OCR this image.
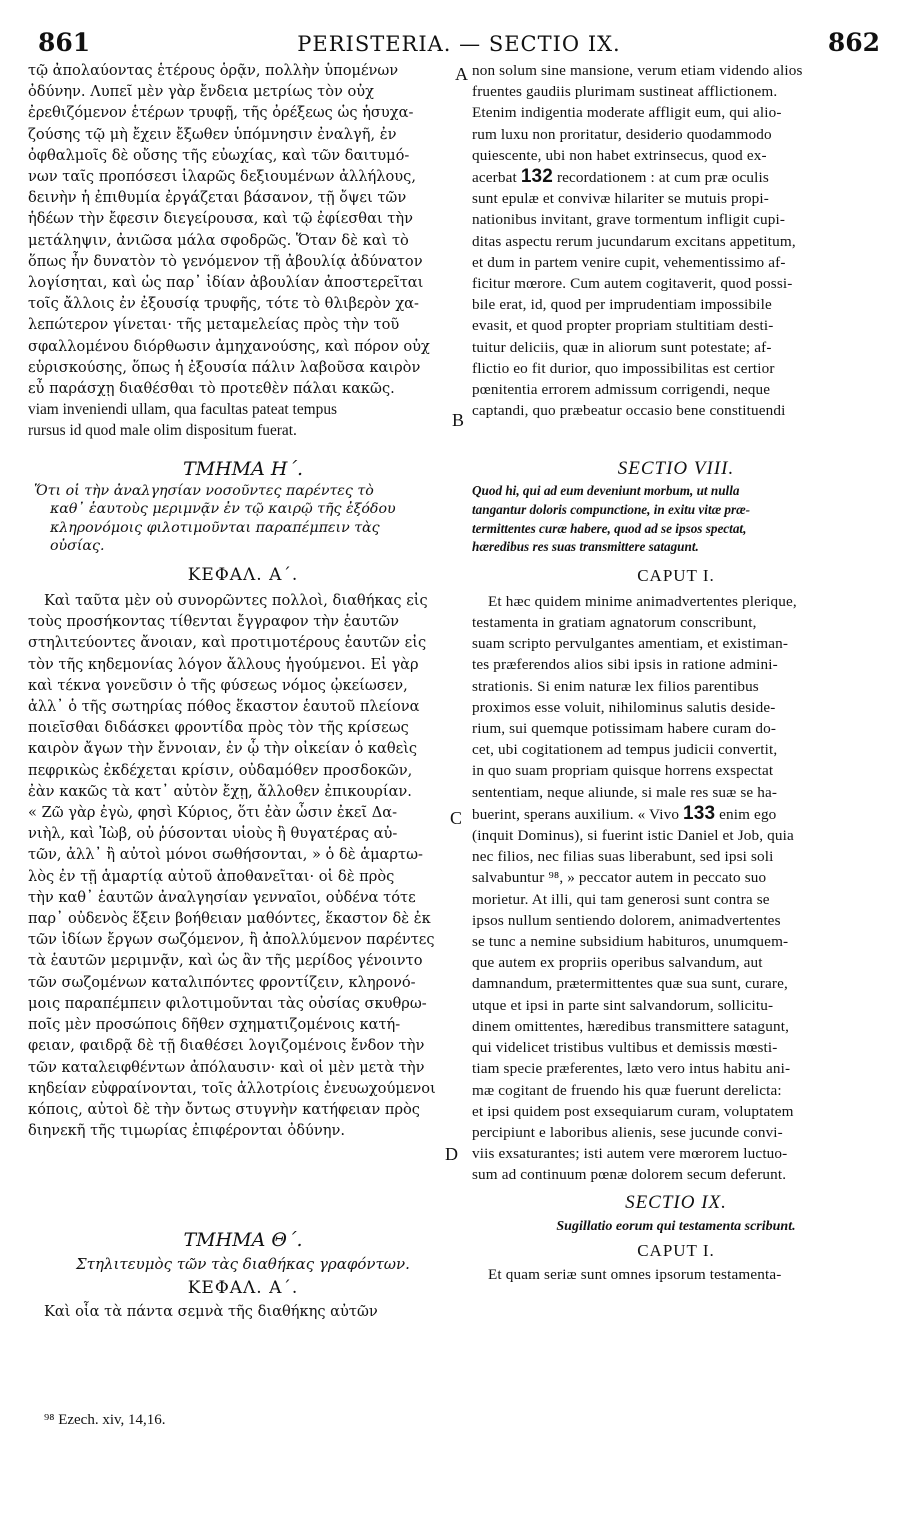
861	PERISTERIA. — SECTIO IX.	862
A
B
C
D

τῷ ἀπολαύοντας ἑτέρους ὁρᾷν, πολλὴν ὑπομένων

ὀδύνην. Λυπεῖ μὲν γὰρ ἔνδεια μετρίως τὸν οὐχ

ἐρεθιζόμενον ἑτέρων τρυφῇ, τῆς ὀρέξεως ὡς ἡσυχα-

ζούσης τῷ μὴ ἔχειν ἔξωθεν ὑπόμνησιν ἐναλγῆ, ἐν

ὀφθαλμοῖς δὲ οὔσης τῆς εὐωχίας, καὶ τῶν δαιτυμό-

νων ταῖς προπόσεσι ἱλαρῶς δεξιουμένων ἀλλήλους,

δεινὴν ἡ ἐπιθυμία ἐργάζεται βάσανον, τῇ ὄψει τῶν

ἡδέων τὴν ἔφεσιν διεγείρουσα, καὶ τῷ ἐφίεσθαι τὴν

μετάληψιν, ἀνιῶσα μάλα σφοδρῶς. Ὅταν δὲ καὶ τὸ

ὅπως ἦν δυνατὸν τὸ γενόμενον τῇ ἀβουλίᾳ ἀδύνατον

λογίσηται, καὶ ὡς παρ᾽ ἰδίαν ἀβουλίαν ἀποστερεῖται

τοῖς ἄλλοις ἐν ἐξουσίᾳ τρυφῆς, τότε τὸ θλιβερὸν χα-

λεπώτερον γίνεται· τῆς μεταμελείας πρὸς τὴν τοῦ

σφαλλομένου διόρθωσιν ἀμηχανούσης, καὶ πόρον οὐχ

εὑρισκούσης, ὅπως ἡ ἐξουσία πάλιν λαβοῦσα καιρὸν

εὖ παράσχῃ διαθέσθαι τὸ προτεθὲν πάλαι κακῶς.

viam inveniendi ullam, qua facultas pateat tempus

rursus id quod male olim dispositum fuerat.

ΤΜΗΜΑ Η´.

Ὅτι οἱ τὴν ἀναλγησίαν νοσοῦντες παρέντες τὸ

καθ᾽ ἑαυτοὺς μεριμνᾷν ἐν τῷ καιρῷ τῆς ἐξόδου

κληρονόμοις φιλοτιμοῦνται παραπέμπειν τὰς

οὐσίας.

ΚΕΦΑΛ. Α´.

Καὶ ταῦτα μὲν οὐ συνορῶντες πολλοὶ, διαθήκας εἰς

τοὺς προσήκοντας τίθενται ἔγγραφον τὴν ἑαυτῶν

στηλιτεύοντες ἄνοιαν, καὶ προτιμοτέρους ἑαυτῶν εἰς

τὸν τῆς κηδεμονίας λόγον ἄλλους ἡγούμενοι. Εἰ γὰρ

καὶ τέκνα γονεῦσιν ὁ τῆς φύσεως νόμος ᾠκείωσεν,

ἀλλ᾽ ὁ τῆς σωτηρίας πόθος ἕκαστον ἑαυτοῦ πλείονα

ποιεῖσθαι διδάσκει φροντίδα πρὸς τὸν τῆς κρίσεως

καιρὸν ἄγων τὴν ἔννοιαν, ἐν ᾧ τὴν οἰκείαν ὁ καθεὶς

πεφρικὼς ἐκδέχεται κρίσιν, οὐδαμόθεν προσδοκῶν,

ἐὰν κακῶς τὰ κατ᾽ αὐτὸν ἔχῃ, ἄλλοθεν ἐπικουρίαν.

« Ζῶ γὰρ ἐγὼ, φησὶ Κύριος, ὅτι ἐὰν ὦσιν ἐκεῖ Δα-

νιὴλ, καὶ Ἰὼβ, οὐ ῥύσονται υἱοὺς ἢ θυγατέρας αὐ-

τῶν, ἀλλ᾽ ἢ αὐτοὶ μόνοι σωθήσονται, » ὁ δὲ ἁμαρτω-

λὸς ἐν τῇ ἁμαρτίᾳ αὐτοῦ ἀποθανεῖται· οἱ δὲ πρὸς

τὴν καθ᾽ ἑαυτῶν ἀναλγησίαν γενναῖοι, οὐδένα τότε

παρ᾽ οὐδενὸς ἕξειν βοήθειαν μαθόντες, ἕκαστον δὲ ἐκ

τῶν ἰδίων ἔργων σωζόμενον, ἢ ἀπολλύμενον παρέντες

τὰ ἑαυτῶν μεριμνᾷν, καὶ ὡς ἂν τῆς μερίδος γένοιντο

τῶν σωζομένων καταλιπόντες φροντίζειν, κληρονό-

μοις παραπέμπειν φιλοτιμοῦνται τὰς οὐσίας σκυθρω-

ποῖς μὲν προσώποις δῆθεν σχηματιζομένοις κατή-

φειαν, φαιδρᾷ δὲ τῇ διαθέσει λογιζομένοις ἔνδον τὴν

τῶν καταλειφθέντων ἀπόλαυσιν· καὶ οἱ μὲν μετὰ τὴν

κηδείαν εὐφραίνονται, τοῖς ἀλλοτρίοις ἐνευωχούμενοι

κόποις, αὐτοὶ δὲ τὴν ὄντως στυγνὴν κατήφειαν πρὸς

διηνεκῆ τῆς τιμωρίας ἐπιφέρονται ὀδύνην.

ΤΜΗΜΑ Θ´.

Στηλιτευμὸς τῶν τὰς διαθήκας γραφόντων.

ΚΕΦΑΛ. Α´.

Καὶ οἷα τὰ πάντα σεμνὰ τῆς διαθήκης αὐτῶν

non solum sine mansione, verum etiam videndo alios

fruentes gaudiis plurimam sustineat afflictionem.

Etenim indigentia moderate affligit eum, qui alio-

rum luxu non proritatur, desiderio quodammodo

quiescente, ubi non habet extrinsecus, quod ex-

acerbat 132 recordationem : at cum præ oculis

sunt epulæ et convivæ hilariter se mutuis propi-

nationibus invitant, grave tormentum infligit cupi-

ditas aspectu rerum jucundarum excitans appetitum,

et dum in partem venire cupit, vehementissimo af-

ficitur mœrore. Cum autem cogitaverit, quod possi-

bile erat, id, quod per imprudentiam impossibile

evasit, et quod propter propriam stultitiam desti-

tuitur deliciis, quæ in aliorum sunt potestate; af-

flictio eo fit durior, quo impossibilitas est certior

pœnitentia errorem admissum corrigendi, neque

captandi, quo præbeatur occasio bene constituendi

SECTIO VIII.

Quod hi, qui ad eum deveniunt morbum, ut nulla

tangantur doloris compunctione, in exitu vitæ præ-

termittentes curæ habere, quod ad se ipsos spectat,

hæredibus res suas transmittere satagunt.

CAPUT I.

Et hæc quidem minime animadvertentes plerique,

testamenta in gratiam agnatorum conscribunt,

suam scripto pervulgantes amentiam, et existiman-

tes præferendos alios sibi ipsis in ratione admini-

strationis. Si enim naturæ lex filios parentibus

proximos esse voluit, nihilominus salutis deside-

rium, sui quemque potissimam habere curam do-

cet, ubi cogitationem ad tempus judicii convertit,

in quo suam propriam quisque horrens exspectat

sententiam, neque aliunde, si male res suæ se ha-

buerint, sperans auxilium. « Vivo 133 enim ego

(inquit Dominus), si fuerint istic Daniel et Job, quia

nec filios, nec filias suas liberabunt, sed ipsi soli

salvabuntur ⁹⁸, » peccator autem in peccato suo

morietur. At illi, qui tam generosi sunt contra se

ipsos nullum sentiendo dolorem, animadvertentes

se tunc a nemine subsidium habituros, unumquem-

que autem ex propriis operibus salvandum, aut

damnandum, prætermittentes quæ sua sunt, curare,

utque et ipsi in parte sint salvandorum, sollicitu-

dinem omittentes, hæredibus transmittere satagunt,

qui videlicet tristibus vultibus et demissis mœsti-

tiam specie præferentes, læto vero intus habitu ani-

mæ cogitant de fruendo his quæ fuerunt derelicta:

et ipsi quidem post exsequiarum curam, voluptatem

percipiunt e laboribus alienis, sese jucunde convi-

viis exsaturantes; isti autem vere mœrorem luctuo-

sum ad continuum pœnæ dolorem secum deferunt.

SECTIO IX.

Sugillatio eorum qui testamenta scribunt.

CAPUT I.

Et quam seriæ sunt omnes ipsorum testamenta-

⁹⁸ Ezech. xiv, 14,16.
